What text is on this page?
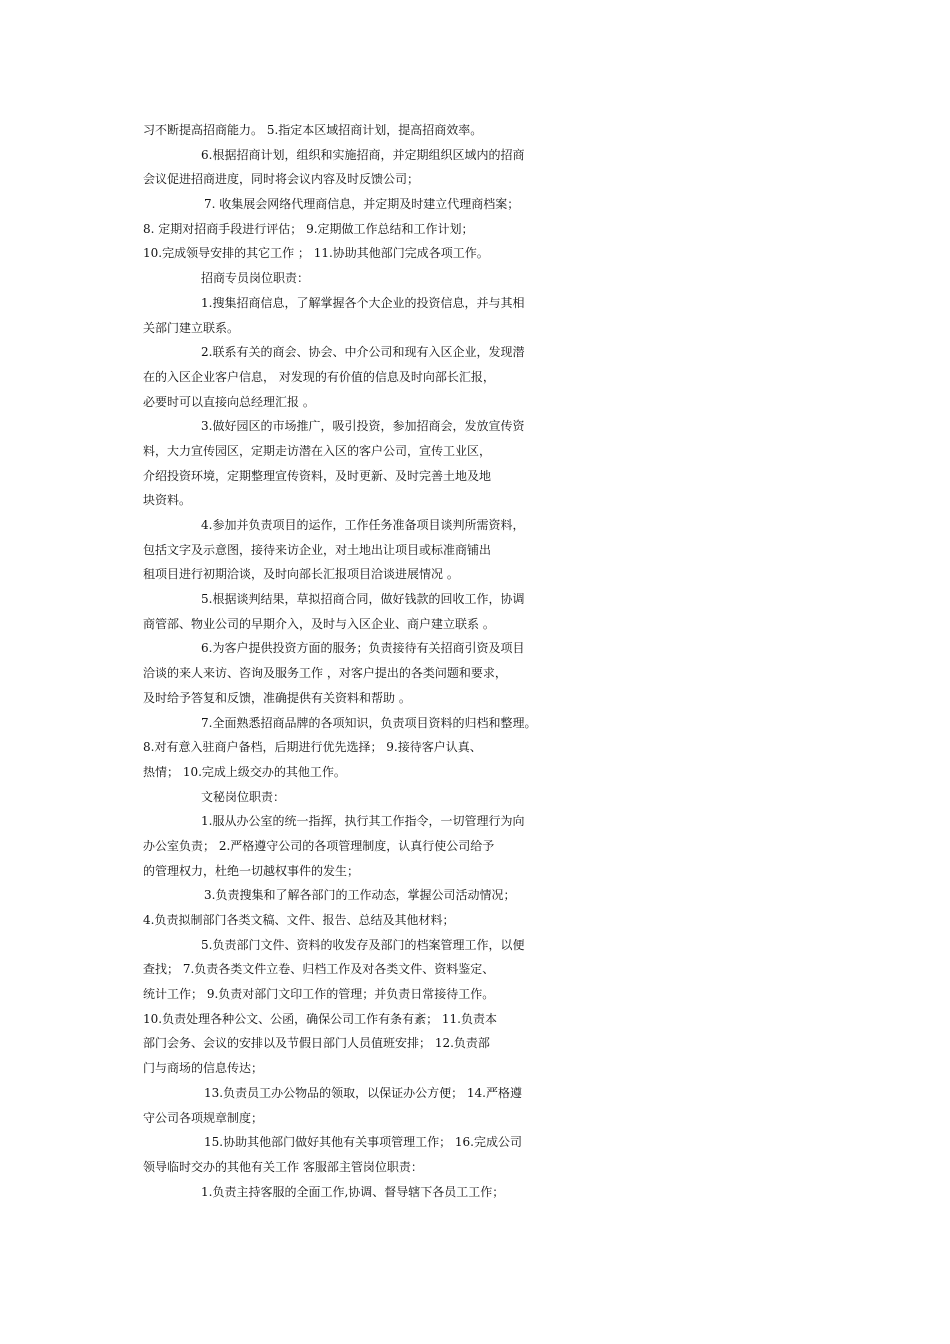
习不断提高招商能力。 5.指定本区域招商计划，提高招商效率。
6.根据招商计划，组织和实施招商，并定期组织区域内的招商
会议促进招商进度，同时将会议内容及时反馈公司；
7. 收集展会网络代理商信息，并定期及时建立代理商档案；
8. 定期对招商手段进行评估； 9.定期做工作总结和工作计划；
10.完成领导安排的其它工作 ； 11.协助其他部门完成各项工作。
招商专员岗位职责：
1.搜集招商信息，了解掌握各个大企业的投资信息，并与其相
关部门建立联系。
2.联系有关的商会、协会、中介公司和现有入区企业，发现潜
在的入区企业客户信息， 对发现的有价值的信息及时向部长汇报，
必要时可以直接向总经理汇报 。
3.做好园区的市场推广，吸引投资，参加招商会，发放宣传资
料，大力宣传园区，定期走访潜在入区的客户公司，宣传工业区，
介绍投资环境，定期整理宣传资料，及时更新、及时完善土地及地
块资料。
4.参加并负责项目的运作，工作任务准备项目谈判所需资料，
包括文字及示意图，接待来访企业，对土地出让项目或标准商铺出
租项目进行初期洽谈，及时向部长汇报项目洽谈进展情况 。
5.根据谈判结果，草拟招商合同，做好钱款的回收工作，协调
商管部、物业公司的早期介入，及时与入区企业、商户建立联系 。
6.为客户提供投资方面的服务；负责接待有关招商引资及项目
洽谈的来人来访、咨询及服务工作 ，对客户提出的各类问题和要求，
及时给予答复和反馈，准确提供有关资料和帮助 。
7.全面熟悉招商品牌的各项知识，负责项目资料的归档和整理。
8.对有意入驻商户备档，后期进行优先选择； 9.接待客户认真、
热情； 10.完成上级交办的其他工作。
文秘岗位职责：
1.服从办公室的统一指挥，执行其工作指令，一切管理行为向
办公室负责； 2.严格遵守公司的各项管理制度，认真行使公司给予
的管理权力，杜绝一切越权事件的发生；
3.负责搜集和了解各部门的工作动态，掌握公司活动情况；
4.负责拟制部门各类文稿、文件、报告、总结及其他材料；
5.负责部门文件、资料的收发存及部门的档案管理工作，以便
查找； 7.负责各类文件立卷、归档工作及对各类文件、资料鉴定、
统计工作； 9.负责对部门文印工作的管理；并负责日常接待工作。
10.负责处理各种公文、公函，确保公司工作有条有紊； 11.负责本
部门会务、会议的安排以及节假日部门人员值班安排； 12.负责部
门与商场的信息传达；
13.负责员工办公物品的领取，以保证办公方便； 14.严格遵
守公司各项规章制度；
15.协助其他部门做好其他有关事项管理工作； 16.完成公司
领导临时交办的其他有关工作 客服部主管岗位职责：
1.负责主持客服的全面工作,协调、督导辖下各员工工作；
